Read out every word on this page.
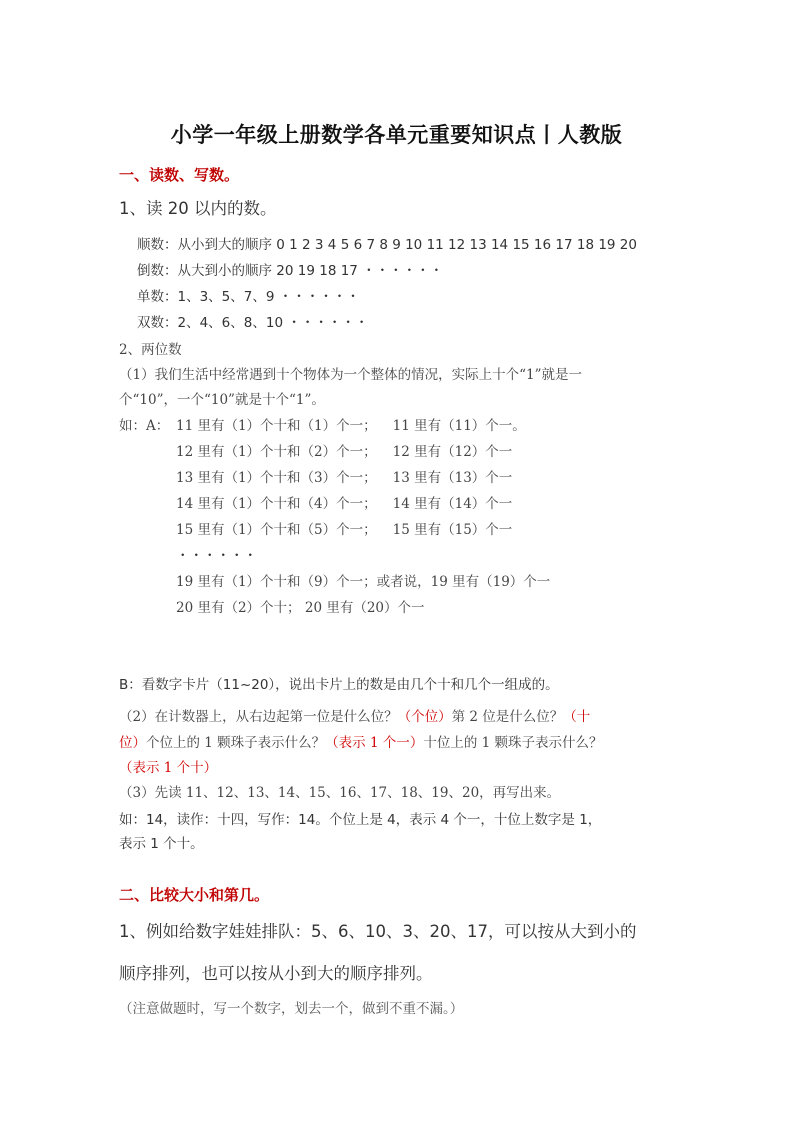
小学一年级上册数学各单元重要知识点丨人教版
一、读数、写数。
1、读 20 以内的数。
顺数：从小到大的顺序 0 1 2 3 4 5 6 7 8 9 10 11 12 13 14 15 16 17 18 19 20
倒数：从大到小的顺序 20 19 18 17 ・・・・・・
单数：1、3、5、7、9 ・・・・・・
双数：2、4、6、8、10 ・・・・・・
2、两位数
（1）我们生活中经常遇到十个物体为一个整体的情况，实际上十个“1”就是一
个“10”，一个“10”就是十个“1”。
如：A： 11 里有（1）个十和（1）个一； 11 里有（11）个一。
12 里有（1）个十和（2）个一； 12 里有（12）个一
13 里有（1）个十和（3）个一； 13 里有（13）个一
14 里有（1）个十和（4）个一； 14 里有（14）个一
15 里有（1）个十和（5）个一； 15 里有（15）个一
・・・・・・
19 里有（1）个十和（9）个一；或者说，19 里有（19）个一
20 里有（2）个十； 20 里有（20）个一
B：看数字卡片（11~20），说出卡片上的数是由几个十和几个一组成的。
（2）在计数器上，从右边起第一位是什么位？（个位）第 2 位是什么位？（十
位）个位上的 1 颗珠子表示什么？（表示 1 个一）十位上的 1 颗珠子表示什么？
（表示 1 个十）
（3）先读 11、12、13、14、15、16、17、18、19、20，再写出来。
如：14，读作：十四，写作：14。个位上是 4，表示 4 个一，十位上数字是 1，
表示 1 个十。
二、比较大小和第几。
1、例如给数字娃娃排队：5、6、10、3、20、17，可以按从大到小的
顺序排列，也可以按从小到大的顺序排列。
（注意做题时，写一个数字，划去一个，做到不重不漏。）
